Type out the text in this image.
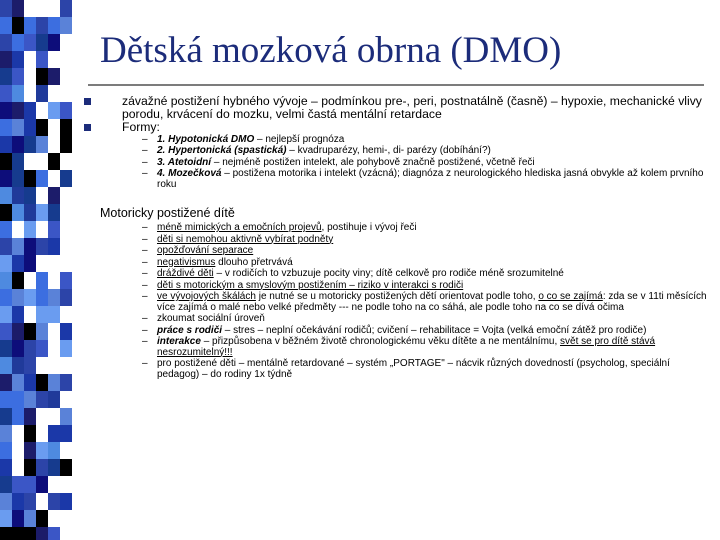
Dětská mozková obrna (DMO)
závažné postižení hybného vývoje – podmínkou pre-, peri, postnatálně (časně) – hypoxie, mechanické vlivy porodu, krvácení do mozku, velmi častá mentální retardace
Formy:
– 1. Hypotonická DMO – nejlepší prognóza
– 2. Hypertonická (spastická) – kvadruparézy, hemi-, di- parézy (dobíhání?)
– 3. Atetoidní – nejméně postižen intelekt, ale pohybově značně postižené, včetně řeči
– 4. Mozečková – postižena motorika i intelekt (vzácná); diagnóza z neurologického hlediska jasná obvykle až kolem prvního roku
Motoricky postižené dítě
– méně mimických a emočních projevů, postihuje i vývoj řeči
– děti si nemohou aktivně vybírat podněty
– opožďování separace
– negativismus dlouho přetrvává
– dráždivé děti – v rodičích to vzbuzuje pocity viny; dítě celkově pro rodiče méně srozumitelné
– děti s motorickým a smyslovým postižením – riziko v interakci s rodiči
– ve vývojových škálách je nutné se u motoricky postižených dětí orientovat podle toho, o co se zajímá: zda se v 11ti měsících více zajímá o malé nebo velké předměty --- ne podle toho na co sáhá, ale podle toho na co se dívá očima
– zkoumat sociální úroveň
– práce s rodiči – stres – neplní očekávání rodičů; cvičení – rehabilitace = Vojta (velká emoční zátěž pro rodiče)
– interakce – přizpůsobena v běžném životě chronologickému věku dítěte a ne mentálnímu, svět se pro dítě stává nesrozumitelný!!!
– pro postižené děti – mentálně retardované – systém „PORTAGE" – nácvik různých dovedností (psycholog, speciální pedagog) – do rodiny 1x týdně
